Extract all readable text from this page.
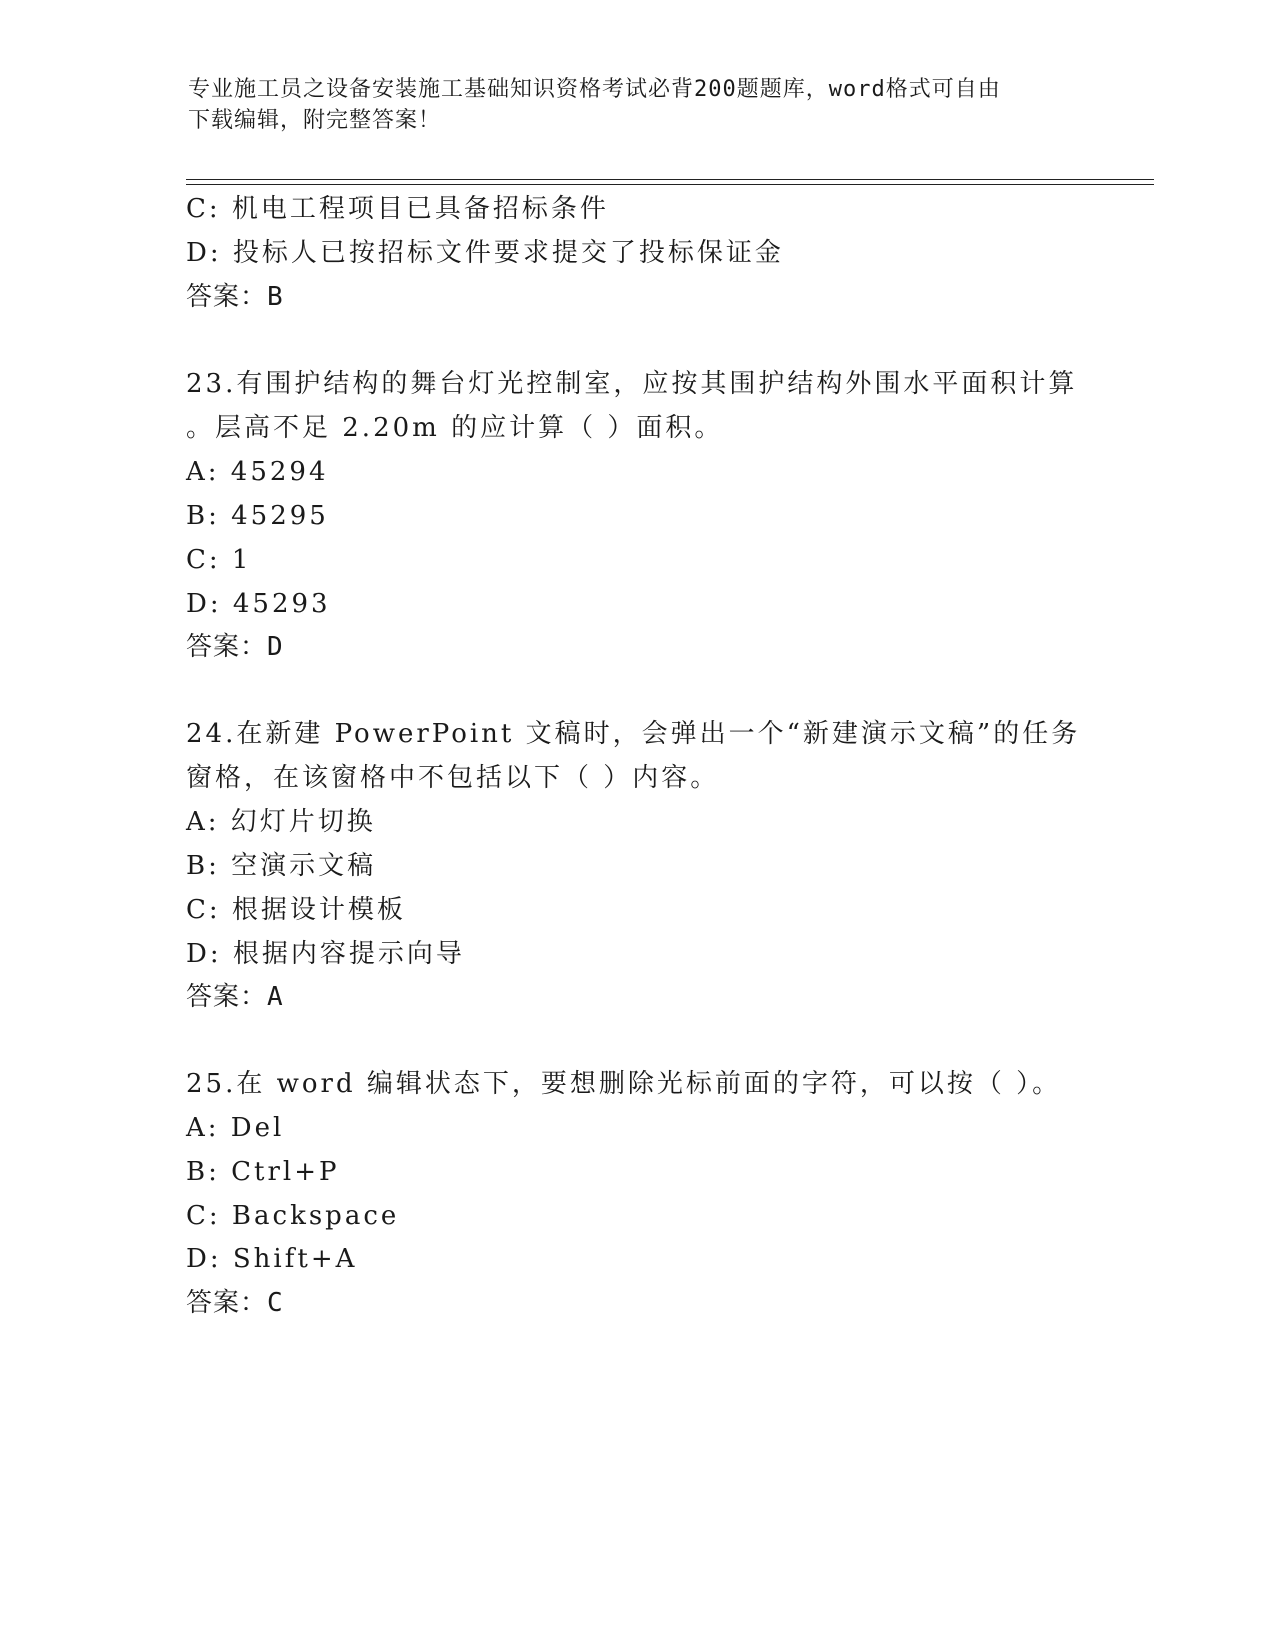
专业施工员之设备安装施工基础知识资格考试必背200题题库，word格式可自由
下载编辑，附完整答案！
C: 机电工程项目已具备招标条件
D: 投标人已按招标文件要求提交了投标保证金
答案：B
23.有围护结构的舞台灯光控制室，应按其围护结构外围水平面积计算
。层高不足 2.20m 的应计算（ ）面积。
A: 45294
B: 45295
C: 1
D: 45293
答案：D
24.在新建 PowerPoint 文稿时，会弹出一个“新建演示文稿”的任务
窗格，在该窗格中不包括以下（ ）内容。
A: 幻灯片切换
B: 空演示文稿
C: 根据设计模板
D: 根据内容提示向导
答案：A
25.在 word 编辑状态下，要想删除光标前面的字符，可以按（ ）。
A: Del
B: Ctrl+P
C: Backspace
D: Shift+A
答案：C
